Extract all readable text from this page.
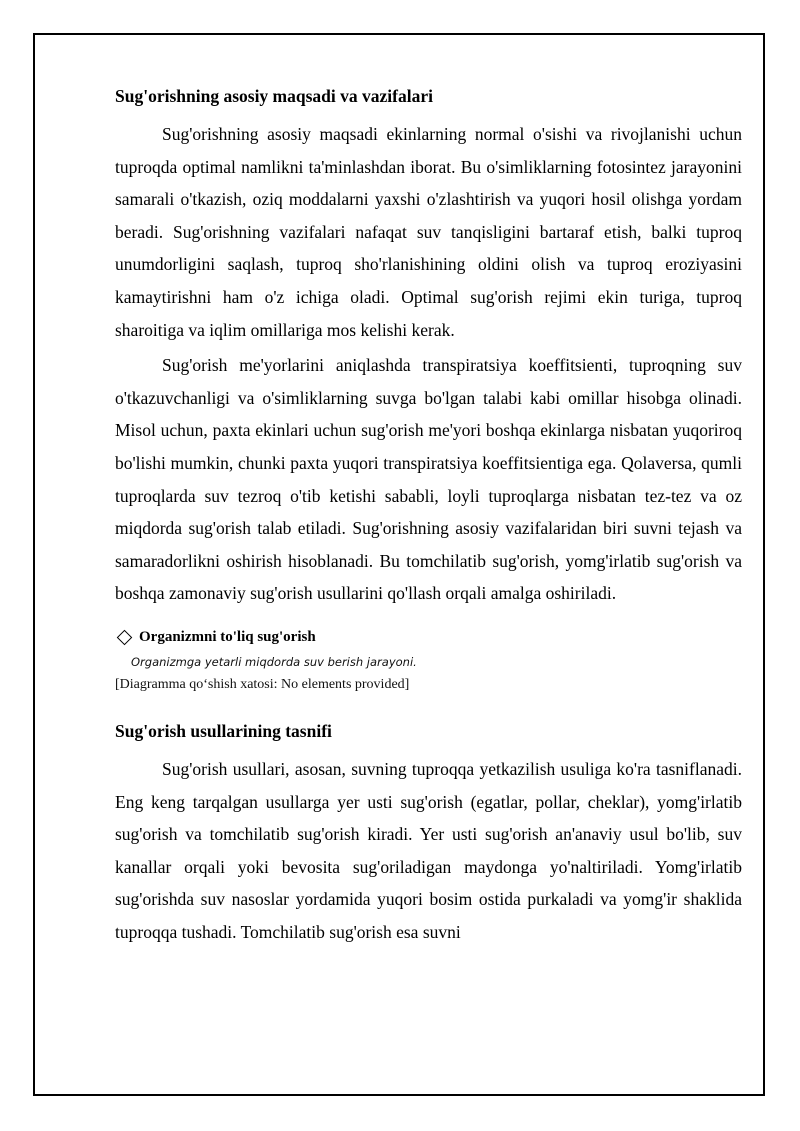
Sug'orishning asosiy maqsadi va vazifalari

Sug'orishning asosiy maqsadi ekinlarning normal o'sishi va rivojlanishi uchun tuproqda optimal namlikni ta'minlashdan iborat. Bu o'simliklarning fotosintez jarayonini samarali o'tkazish, oziq moddalarni yaxshi o'zlashtirish va yuqori hosil olishga yordam beradi. Sug'orishning vazifalari nafaqat suv tanqisligini bartaraf etish, balki tuproq unumdorligini saqlash, tuproq sho'rlanishining oldini olish va tuproq eroziyasini kamaytirishni ham o'z ichiga oladi. Optimal sug'orish rejimi ekin turiga, tuproq sharoitiga va iqlim omillariga mos kelishi kerak.

Sug'orish me'yorlarini aniqlashda transpiratsiya koeffitsienti, tuproqning suv o'tkazuvchanligi va o'simliklarning suvga bo'lgan talabi kabi omillar hisobga olinadi. Misol uchun, paxta ekinlari uchun sug'orish me'yori boshqa ekinlarga nisbatan yuqoriroq bo'lishi mumkin, chunki paxta yuqori transpiratsiya koeffitsientiga ega. Qolaversa, qumli tuproqlarda suv tezroq o'tib ketishi sababli, loyli tuproqlarga nisbatan tez-tez va oz miqdorda sug'orish talab etiladi. Sug'orishning asosiy vazifalaridan biri suvni tejash va samaradorlikni oshirish hisoblanadi. Bu tomchilatib sug'orish, yomg'irlatib sug'orish va boshqa zamonaviy sug'orish usullarini qo'llash orqali amalga oshiriladi.

Organizmni to'liq sug'orish
Organizmga yetarli miqdorda suv berish jarayoni.
[Diagramma qo‘shish xatosi: No elements provided]
Sug'orish usullarining tasnifi

Sug'orish usullari, asosan, suvning tuproqqa yetkazilish usuliga ko'ra tasniflanadi. Eng keng tarqalgan usullarga yer usti sug'orish (egatlar, pollar, cheklar), yomg'irlatib sug'orish va tomchilatib sug'orish kiradi. Yer usti sug'orish an'anaviy usul bo'lib, suv kanallar orqali yoki bevosita sug'oriladigan maydonga yo'naltiriladi. Yomg'irlatib sug'orishda suv nasoslar yordamida yuqori bosim ostida purkaladi va yomg'ir shaklida tuproqqa tushadi. Tomchilatib sug'orish esa suvni
